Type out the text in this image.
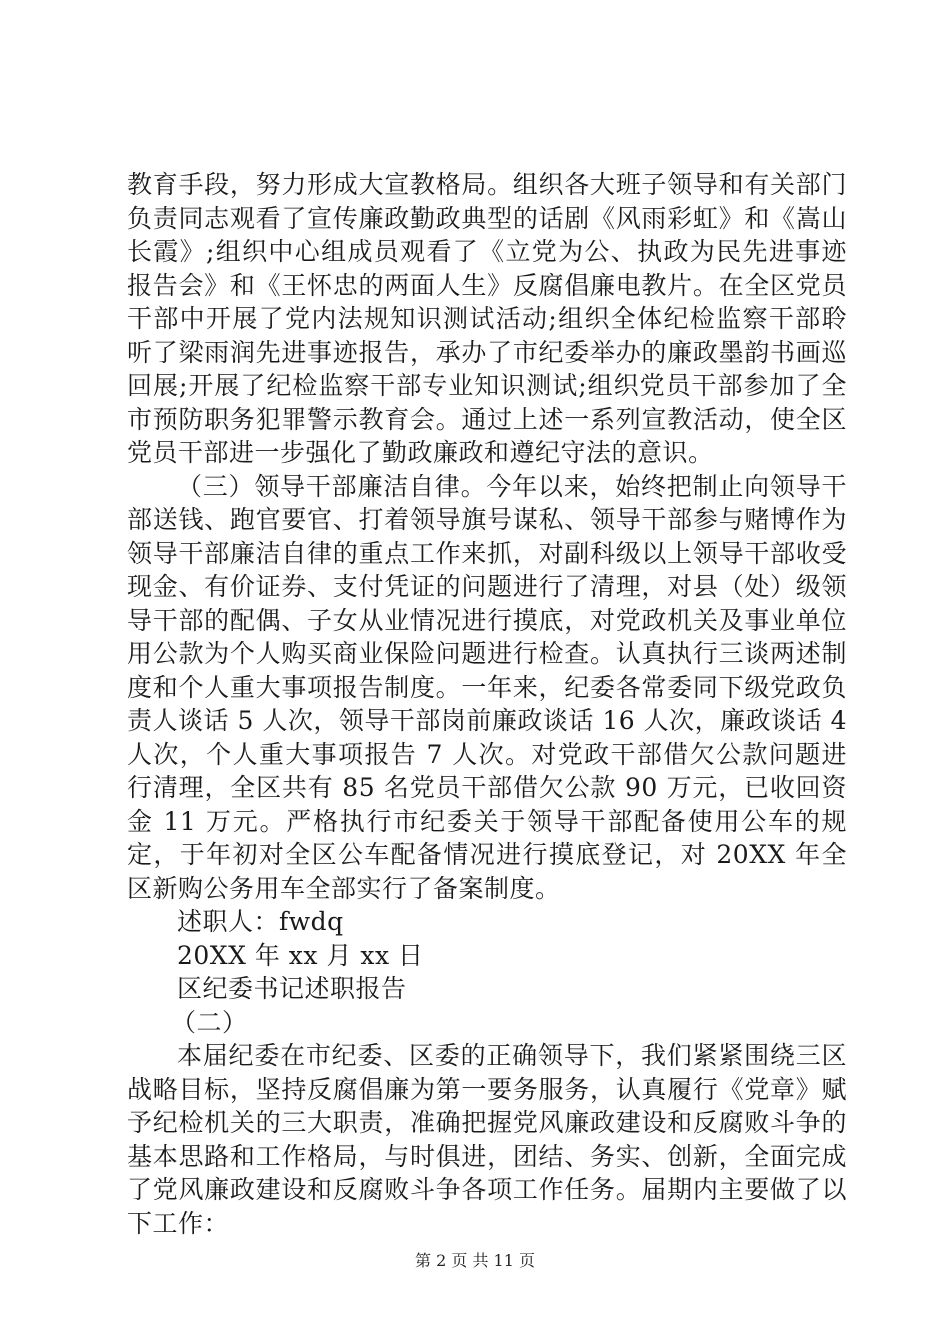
教育手段，努力形成大宣教格局。组织各大班子领导和有关部门负责同志观看了宣传廉政勤政典型的话剧《风雨彩虹》和《嵩山长霞》;组织中心组成员观看了《立党为公、执政为民先进事迹报告会》和《王怀忠的两面人生》反腐倡廉电教片。在全区党员干部中开展了党内法规知识测试活动;组织全体纪检监察干部聆听了梁雨润先进事迹报告，承办了市纪委举办的廉政墨韵书画巡回展;开展了纪检监察干部专业知识测试;组织党员干部参加了全市预防职务犯罪警示教育会。通过上述一系列宣教活动，使全区党员干部进一步强化了勤政廉政和遵纪守法的意识。

（三）领导干部廉洁自律。今年以来，始终把制止向领导干部送钱、跑官要官、打着领导旗号谋私、领导干部参与赌博作为领导干部廉洁自律的重点工作来抓，对副科级以上领导干部收受现金、有价证券、支付凭证的问题进行了清理，对县（处）级领导干部的配偶、子女从业情况进行摸底，对党政机关及事业单位用公款为个人购买商业保险问题进行检查。认真执行三谈两述制度和个人重大事项报告制度。一年来，纪委各常委同下级党政负责人谈话 5 人次，领导干部岗前廉政谈话 16 人次，廉政谈话 4 人次，个人重大事项报告 7 人次。对党政干部借欠公款问题进行清理，全区共有 85 名党员干部借欠公款 90 万元，已收回资金 11 万元。严格执行市纪委关于领导干部配备使用公车的规定，于年初对全区公车配备情况进行摸底登记，对 20XX 年全区新购公务用车全部实行了备案制度。

述职人：fwdq

20XX 年 xx 月 xx 日

区纪委书记述职报告

（二）

本届纪委在市纪委、区委的正确领导下，我们紧紧围绕三区战略目标，坚持反腐倡廉为第一要务服务，认真履行《党章》赋予纪检机关的三大职责，准确把握党风廉政建设和反腐败斗争的基本思路和工作格局，与时俱进，团结、务实、创新，全面完成了党风廉政建设和反腐败斗争各项工作任务。届期内主要做了以下工作：

第 2 页 共 11 页
